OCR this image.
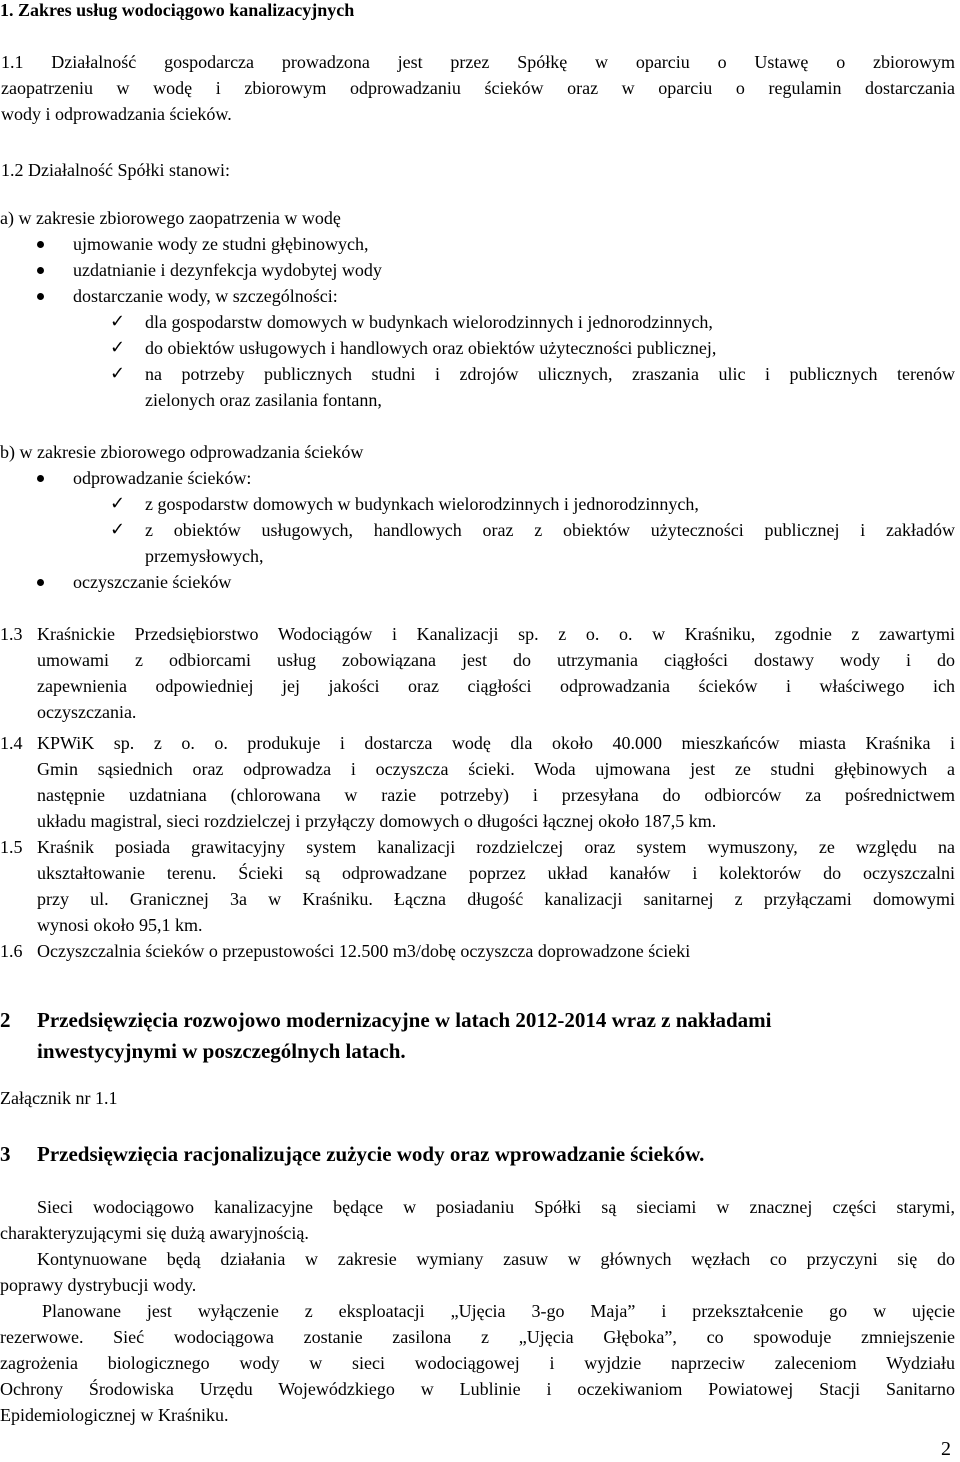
1. Zakres usług wodociągowo kanalizacyjnych
1.1 Działalność gospodarcza prowadzona jest przez Spółkę w oparciu o Ustawę o zbiorowym
zaopatrzeniu w wodę i zbiorowym odprowadzaniu ścieków oraz w oparciu o regulamin dostarczania
wody i odprowadzania ścieków.
1.2 Działalność Spółki stanowi:
a) w zakresie zbiorowego zaopatrzenia w wodę
ujmowanie wody ze studni głębinowych,
uzdatnianie i dezynfekcja wydobytej wody
dostarczanie wody, w szczególności:
✓ dla gospodarstw domowych w budynkach wielorodzinnych i jednorodzinnych,
✓ do obiektów usługowych i handlowych oraz obiektów użyteczności publicznej,
✓ na potrzeby publicznych studni i zdrojów ulicznych, zraszania ulic i publicznych terenów
zielonych oraz zasilania fontann,
b) w zakresie zbiorowego odprowadzania ścieków
odprowadzanie ścieków:
✓ z gospodarstw domowych w budynkach wielorodzinnych i jednorodzinnych,
✓ z obiektów usługowych, handlowych oraz z obiektów użyteczności publicznej i zakładów
przemysłowych,
oczyszczanie ścieków
1.3 Kraśnickie Przedsiębiorstwo Wodociągów i Kanalizacji sp. z o. o. w Kraśniku, zgodnie z zawartymi
umowami z odbiorcami usług zobowiązana jest do utrzymania ciągłości dostawy wody i do
zapewnienia odpowiedniej jej jakości oraz ciągłości odprowadzania ścieków i właściwego ich
oczyszczania.
1.4 KPWiK sp. z o. o. produkuje i dostarcza wodę dla około 40.000 mieszkańców miasta Kraśnika i
Gmin sąsiednich oraz odprowadza i oczyszcza ścieki. Woda ujmowana jest ze studni głębinowych a
następnie uzdatniana (chlorowana w razie potrzeby) i przesyłana do odbiorców za pośrednictwem
układu magistral, sieci rozdzielczej i przyłączy domowych o długości łącznej około 187,5 km.
1.5 Kraśnik posiada grawitacyjny system kanalizacji rozdzielczej oraz system wymuszony, ze względu na
ukształtowanie terenu. Ścieki są odprowadzane poprzez układ kanałów i kolektorów do oczyszczalni
przy ul. Granicznej 3a w Kraśniku. Łączna długość kanalizacji sanitarnej z przyłączami domowymi
wynosi około 95,1 km.
1.6 Oczyszczalnia ścieków o przepustowości 12.500 m3/dobę oczyszcza doprowadzone ścieki
2 Przedsięwzięcia rozwojowo modernizacyjne w latach 2012-2014 wraz z nakładami
inwestycyjnymi w poszczególnych latach.
Załącznik nr 1.1
3 Przedsięwzięcia racjonalizujące zużycie wody oraz wprowadzanie ścieków.
Sieci wodociągowo kanalizacyjne będące w posiadaniu Spółki są sieciami w znacznej części starymi,
charakteryzującymi się dużą awaryjnością.
Kontynuowane będą działania w zakresie wymiany zasuw w głównych węzłach co przyczyni się do
poprawy dystrybucji wody.
Planowane jest wyłączenie z eksploatacji „Ujęcia 3-go Maja” i przekształcenie go w ujęcie
rezerwowe. Sieć wodociągowa zostanie zasilona z „Ujęcia Głęboka”, co spowoduje zmniejszenie
zagrożenia biologicznego wody w sieci wodociągowej i wyjdzie naprzeciw zaleceniom Wydziału
Ochrony Środowiska Urzędu Wojewódzkiego w Lublinie i oczekiwaniom Powiatowej Stacji Sanitarno
Epidemiologicznej w Kraśniku.
2
